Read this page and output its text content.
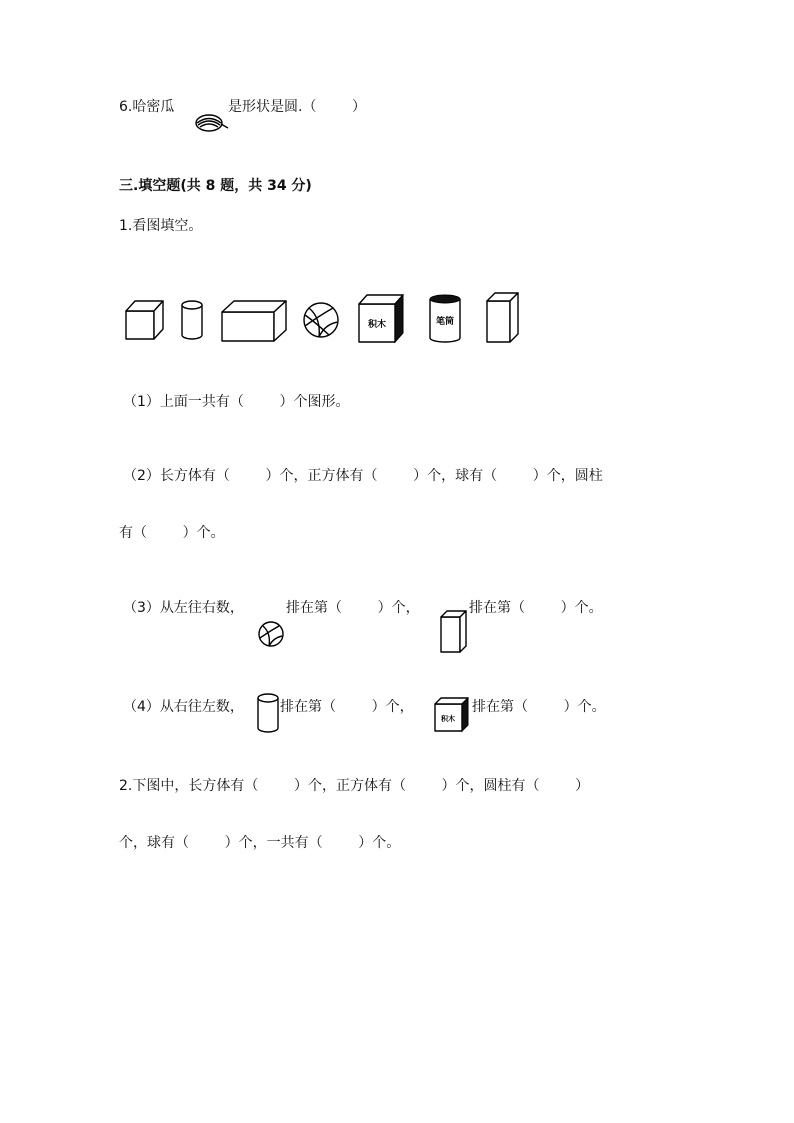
6.哈密瓜	是形状是圆.（        ）
三.填空题(共 8 题，共 34 分)
1.看图填空。
积木	笔筒
（1）上面一共有（        ）个图形。
（2）长方体有（        ）个，正方体有（        ）个，球有（        ）个，圆柱
有（        ）个。
（3）从左往右数，	排在第（        ）个，	排在第（        ）个。
（4）从右往左数，	排在第（        ）个，
积木
排在第（        ）个。
2.下图中，长方体有（        ）个，正方体有（        ）个，圆柱有（        ）
个，球有（        ）个，一共有（        ）个。
